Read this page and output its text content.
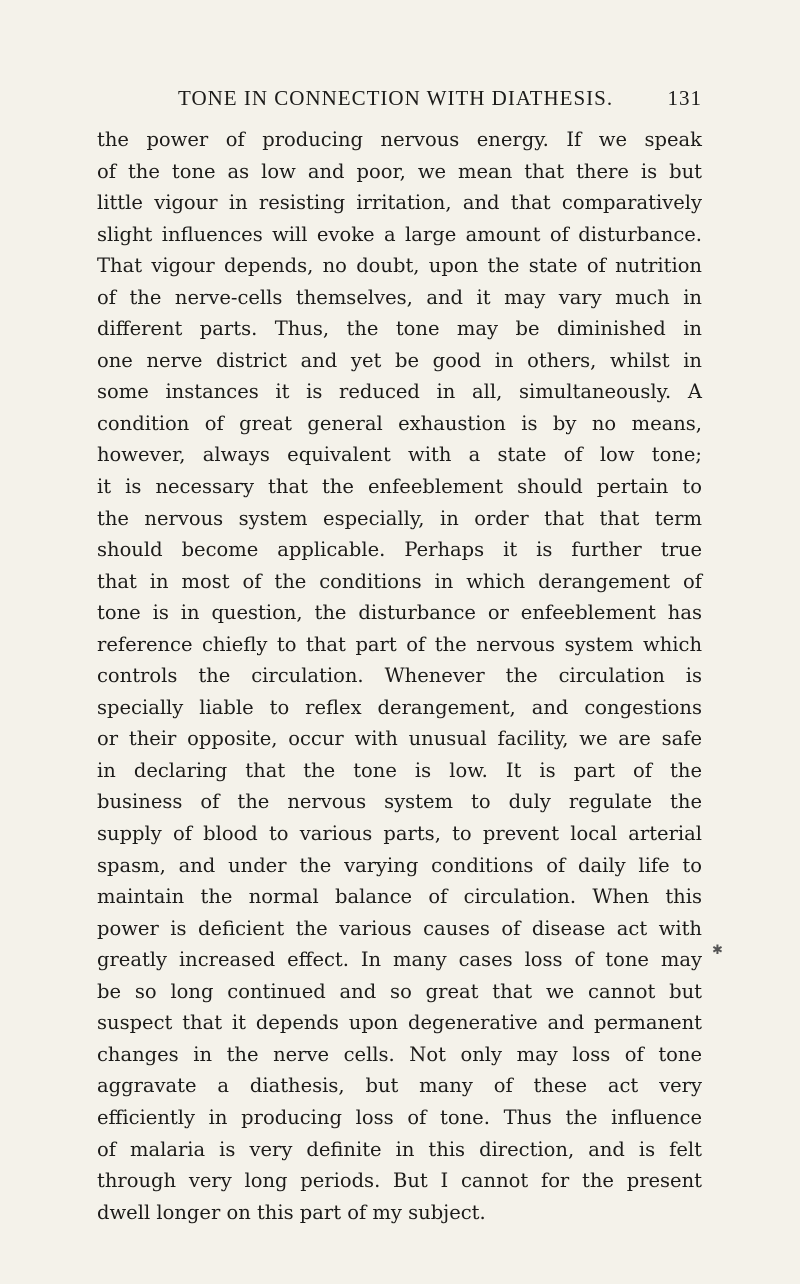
TONE IN CONNECTION WITH DIATHESIS.	131
the power of producing nervous energy. If we speak
of the tone as low and poor, we mean that there is but
little vigour in resisting irritation, and that comparatively
slight influences will evoke a large amount of disturbance.
That vigour depends, no doubt, upon the state of nutrition
of the nerve-cells themselves, and it may vary much in
different parts. Thus, the tone may be diminished in
one nerve district and yet be good in others, whilst in
some instances it is reduced in all, simultaneously. A
condition of great general exhaustion is by no means,
however, always equivalent with a state of low tone;
it is necessary that the enfeeblement should pertain to
the nervous system especially, in order that that term
should become applicable. Perhaps it is further true
that in most of the conditions in which derangement of
tone is in question, the disturbance or enfeeblement has
reference chiefly to that part of the nervous system which
controls the circulation. Whenever the circulation is
specially liable to reflex derangement, and congestions
or their opposite, occur with unusual facility, we are safe
in declaring that the tone is low. It is part of the
business of the nervous system to duly regulate the
supply of blood to various parts, to prevent local arterial
spasm, and under the varying conditions of daily life to
maintain the normal balance of circulation. When this
power is deficient the various causes of disease act with
greatly increased effect. In many cases loss of tone may
be so long continued and so great that we cannot but
suspect that it depends upon degenerative and permanent
changes in the nerve cells. Not only may loss of tone
aggravate a diathesis, but many of these act very
efficiently in producing loss of tone. Thus the influence
of malaria is very definite in this direction, and is felt
through very long periods. But I cannot for the present
dwell longer on this part of my subject.
✱
